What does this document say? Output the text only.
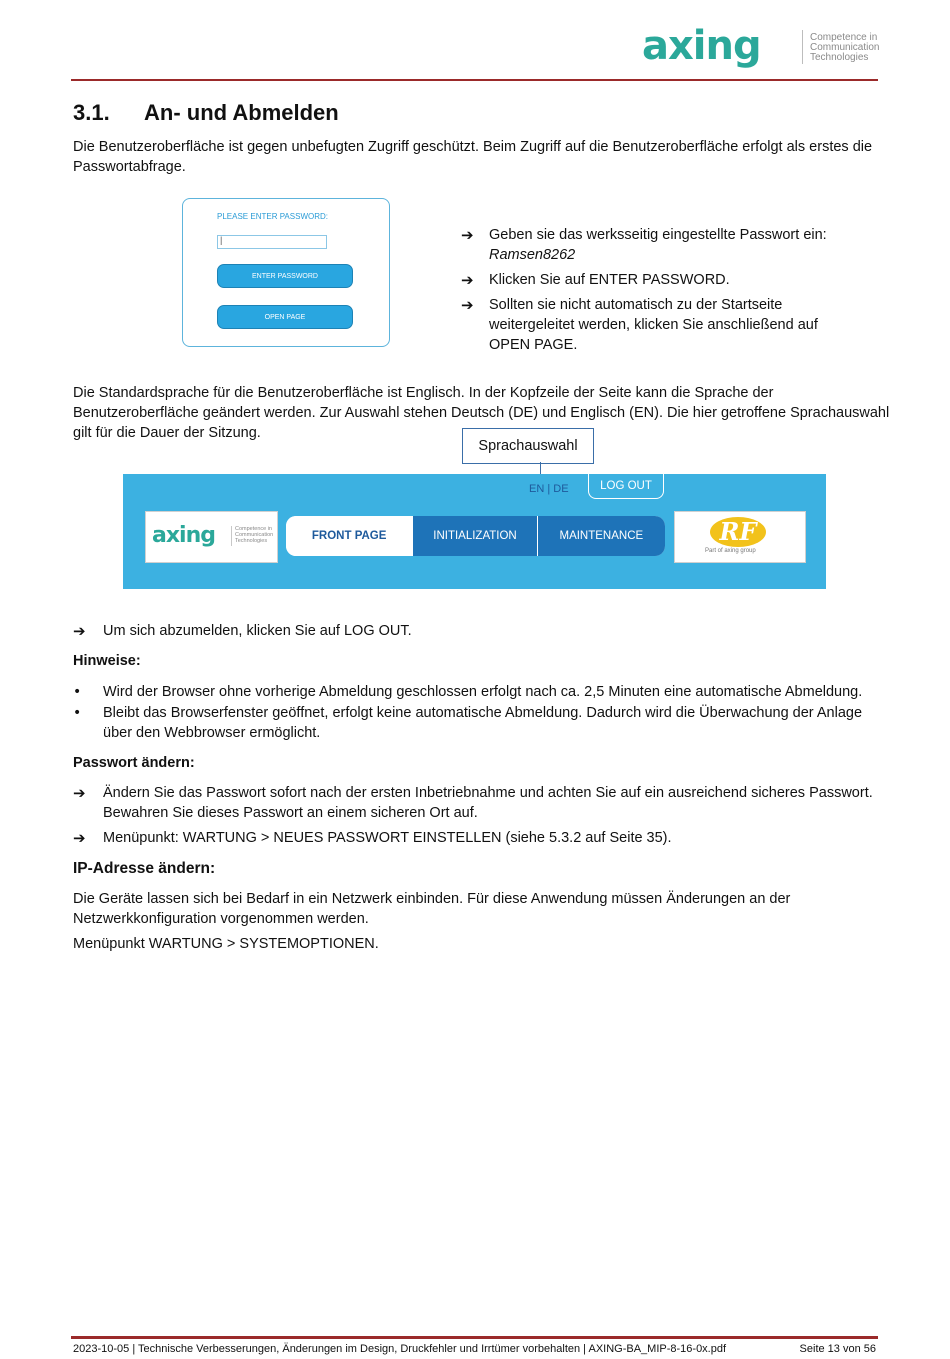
axing	Competence in
Communication
Technologies
3.1. An- und Abmelden
Die Benutzeroberfläche ist gegen unbefugten Zugriff geschützt. Beim Zugriff auf die Benutzeroberfläche erfolgt als erstes die
Passwortabfrage.
PLEASE ENTER PASSWORD:
|
ENTER PASSWORD
OPEN PAGE
➔ Geben sie das werksseitig eingestellte Passwort ein:
Ramsen8262
➔ Klicken Sie auf ENTER PASSWORD.
➔ Sollten sie nicht automatisch zu der Startseite
weitergeleitet werden, klicken Sie anschließend auf
OPEN PAGE.
Die Standardsprache für die Benutzeroberfläche ist Englisch. In der Kopfzeile der Seite kann die Sprache der
Benutzeroberfläche geändert werden. Zur Auswahl stehen Deutsch (DE) und Englisch (EN). Die hier getroffene Sprachauswahl
gilt für die Dauer der Sitzung.
Sprachauswahl
EN | DE	LOG OUT
axing	Competence in
Communication
Technologies	FRONT PAGE	INITIALIZATION	MAINTENANCE	RF
Part of axing group
➔ Um sich abzumelden, klicken Sie auf LOG OUT.
Hinweise:
• Wird der Browser ohne vorherige Abmeldung geschlossen erfolgt nach ca. 2,5 Minuten eine automatische Abmeldung.
• Bleibt das Browserfenster geöffnet, erfolgt keine automatische Abmeldung. Dadurch wird die Überwachung der Anlage
über den Webbrowser ermöglicht.
Passwort ändern:
➔ Ändern Sie das Passwort sofort nach der ersten Inbetriebnahme und achten Sie auf ein ausreichend sicheres Passwort.
Bewahren Sie dieses Passwort an einem sicheren Ort auf.
➔ Menüpunkt: WARTUNG > NEUES PASSWORT EINSTELLEN (siehe 5.3.2 auf Seite 35).
IP-Adresse ändern:
Die Geräte lassen sich bei Bedarf in ein Netzwerk einbinden. Für diese Anwendung müssen Änderungen an der
Netzwerkkonfiguration vorgenommen werden.
Menüpunkt WARTUNG > SYSTEMOPTIONEN.
2023-10-05 | Technische Verbesserungen, Änderungen im Design, Druckfehler und Irrtümer vorbehalten | AXING-BA_MIP-8-16-0x.pdf	Seite 13 von 56
